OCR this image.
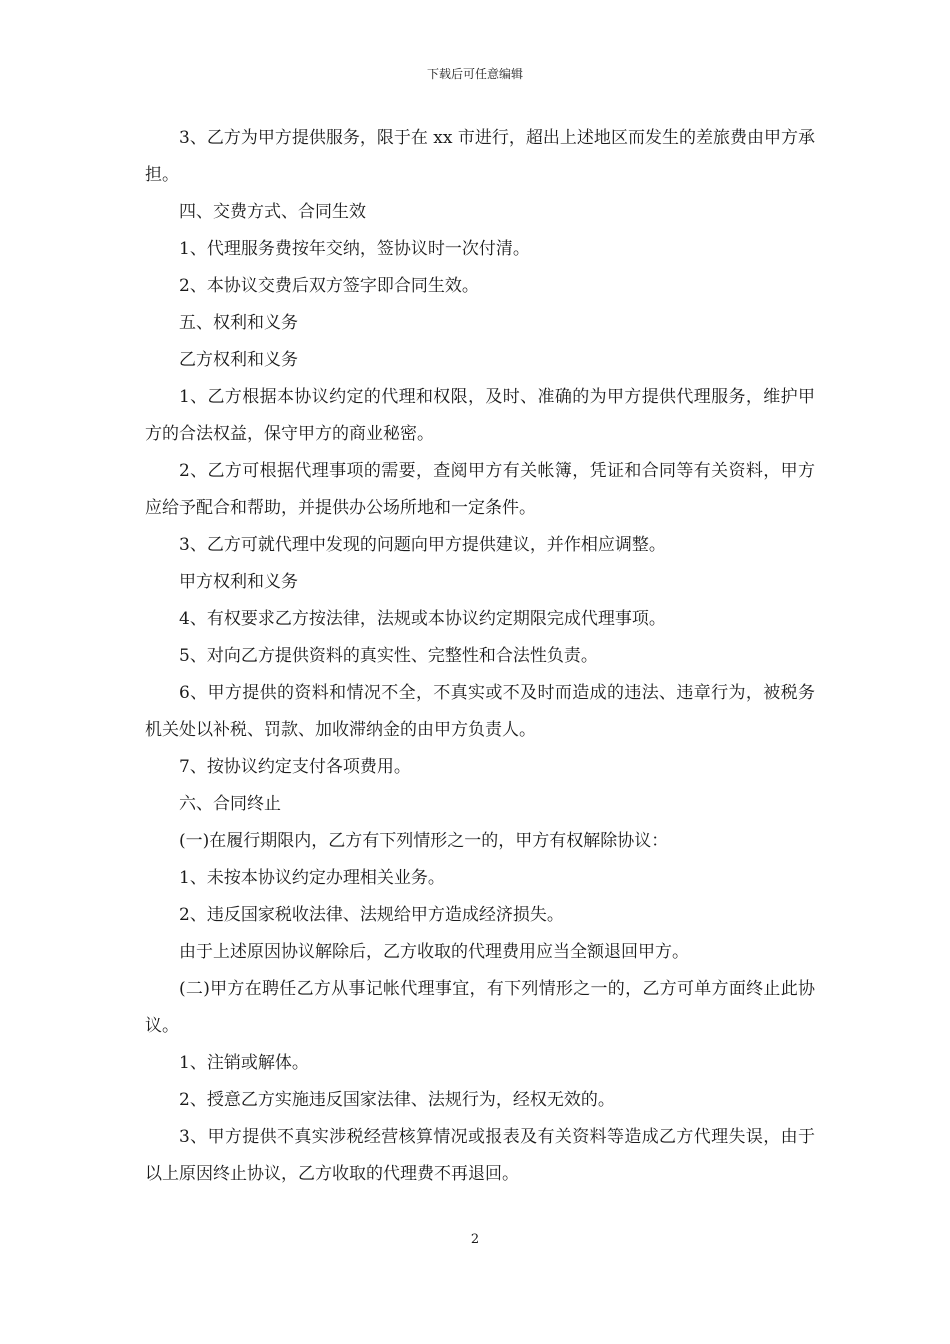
下载后可任意编辑

3、乙方为甲方提供服务，限于在 xx 市进行，超出上述地区而发生的差旅费由甲方承担。

四、交费方式、合同生效

1、代理服务费按年交纳，签协议时一次付清。

2、本协议交费后双方签字即合同生效。

五、权利和义务

乙方权利和义务

1、乙方根据本协议约定的代理和权限，及时、准确的为甲方提供代理服务，维护甲方的合法权益，保守甲方的商业秘密。

2、乙方可根据代理事项的需要，查阅甲方有关帐簿，凭证和合同等有关资料，甲方应给予配合和帮助，并提供办公场所地和一定条件。

3、乙方可就代理中发现的问题向甲方提供建议，并作相应调整。

甲方权利和义务

4、有权要求乙方按法律，法规或本协议约定期限完成代理事项。

5、对向乙方提供资料的真实性、完整性和合法性负责。

6、甲方提供的资料和情况不全，不真实或不及时而造成的违法、违章行为，被税务机关处以补税、罚款、加收滞纳金的由甲方负责人。

7、按协议约定支付各项费用。

六、合同终止

(一)在履行期限内，乙方有下列情形之一的，甲方有权解除协议：

1、未按本协议约定办理相关业务。

2、违反国家税收法律、法规给甲方造成经济损失。

由于上述原因协议解除后，乙方收取的代理费用应当全额退回甲方。

(二)甲方在聘任乙方从事记帐代理事宜，有下列情形之一的，乙方可单方面终止此协议。

1、注销或解体。

2、授意乙方实施违反国家法律、法规行为，经权无效的。

3、甲方提供不真实涉税经营核算情况或报表及有关资料等造成乙方代理失误，由于以上原因终止协议，乙方收取的代理费不再退回。

2
